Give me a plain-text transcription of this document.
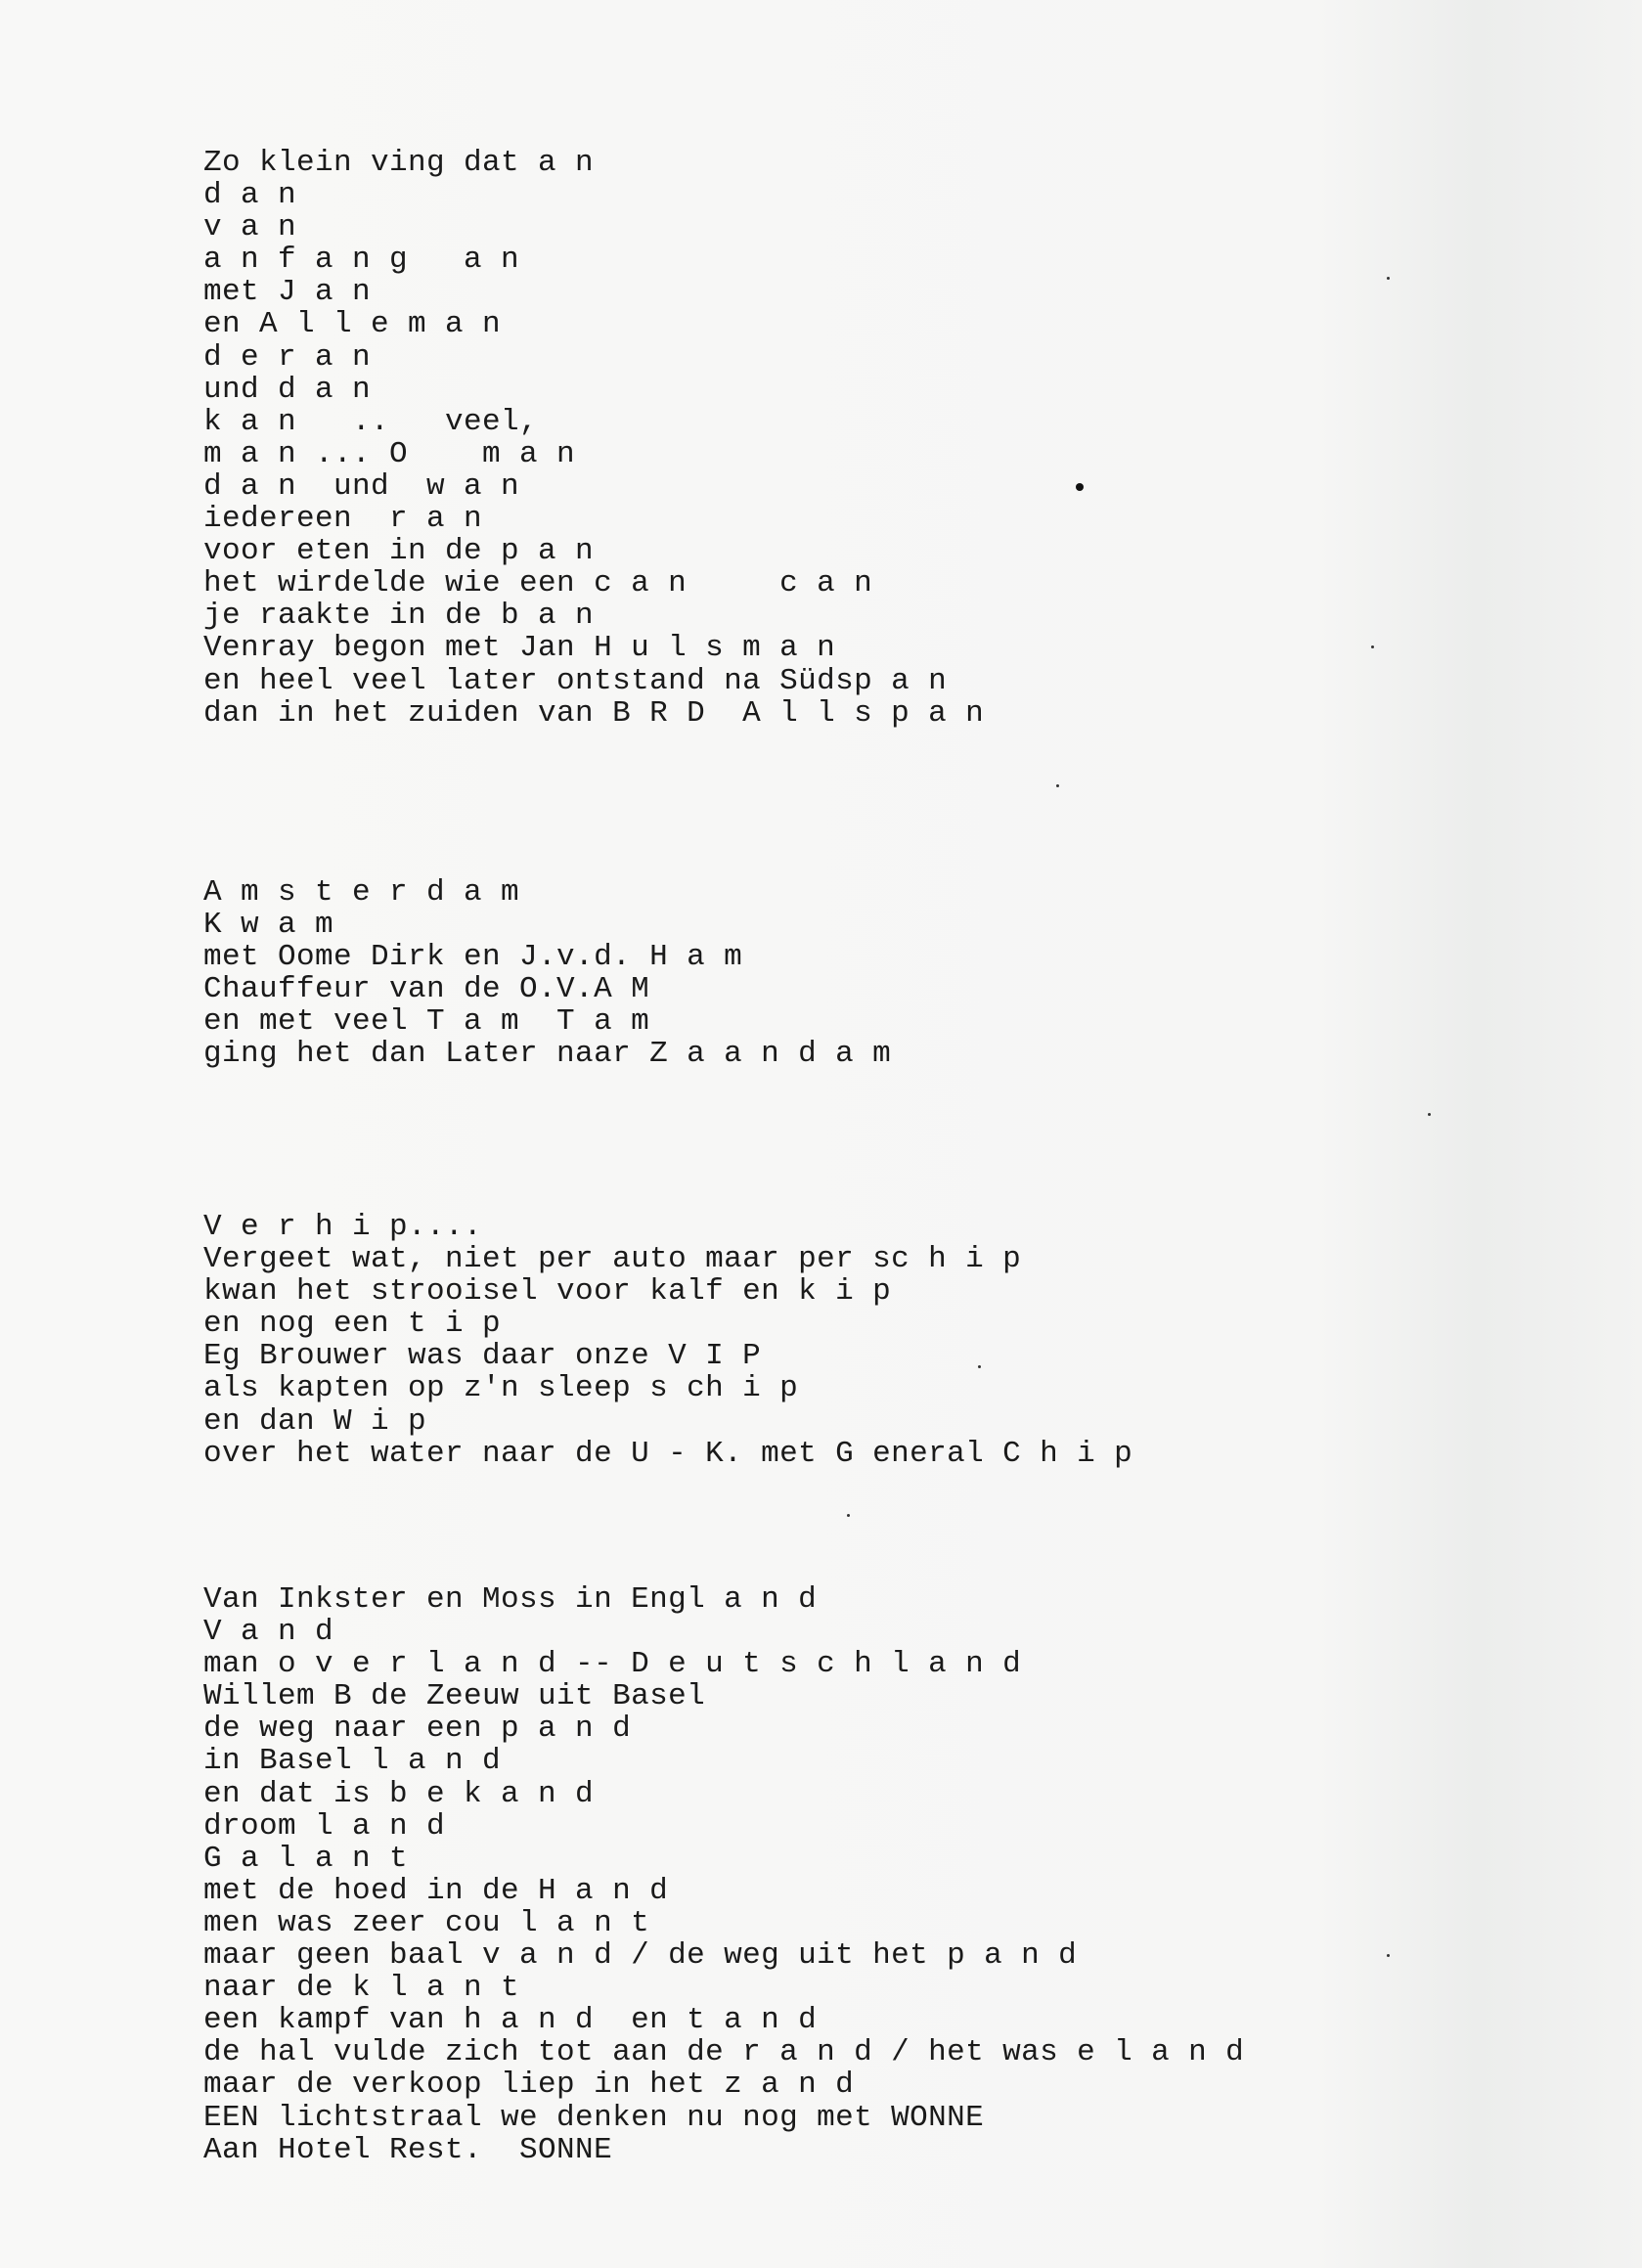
Zo klein ving dat a n
d a n
v a n
a n f a n g   a n
met J a n
en A l l e m a n
d e r a n
und d a n
k a n   ..   veel,
m a n ... O    m a n
d a n  und  w a n
iedereen  r a n
voor eten in de p a n
het wirdelde wie een c a n     c a n
je raakte in de b a n
Venray begon met Jan H u l s m a n
en heel veel later ontstand na Südsp a n
dan in het zuiden van B R D  A l l s p a n
A m s t e r d a m
K w a m
met Oome Dirk en J.v.d. H a m
Chauffeur van de O.V.A M
en met veel T a m  T a m
ging het dan Later naar Z a a n d a m
V e r h i p....
Vergeet wat, niet per auto maar per sc h i p
kwan het strooisel voor kalf en k i p
en nog een t i p
Eg Brouwer was daar onze V I P
als kapten op z'n sleep s ch i p
en dan W i p
over het water naar de U - K. met G eneral C h i p
Van Inkster en Moss in Engl a n d
V a n d
man o v e r l a n d -- D e u t s c h l a n d
Willem B de Zeeuw uit Basel
de weg naar een p a n d
in Basel l a n d
en dat is b e k a n d
droom l a n d
G a l a n t
met de hoed in de H a n d
men was zeer cou l a n t
maar geen baal v a n d / de weg uit het p a n d
naar de k l a n t
een kampf van h a n d  en t a n d
de hal vulde zich tot aan de r a n d / het was e l a n d
maar de verkoop liep in het z a n d
EEN lichtstraal we denken nu nog met WONNE
Aan Hotel Rest.  SONNE
